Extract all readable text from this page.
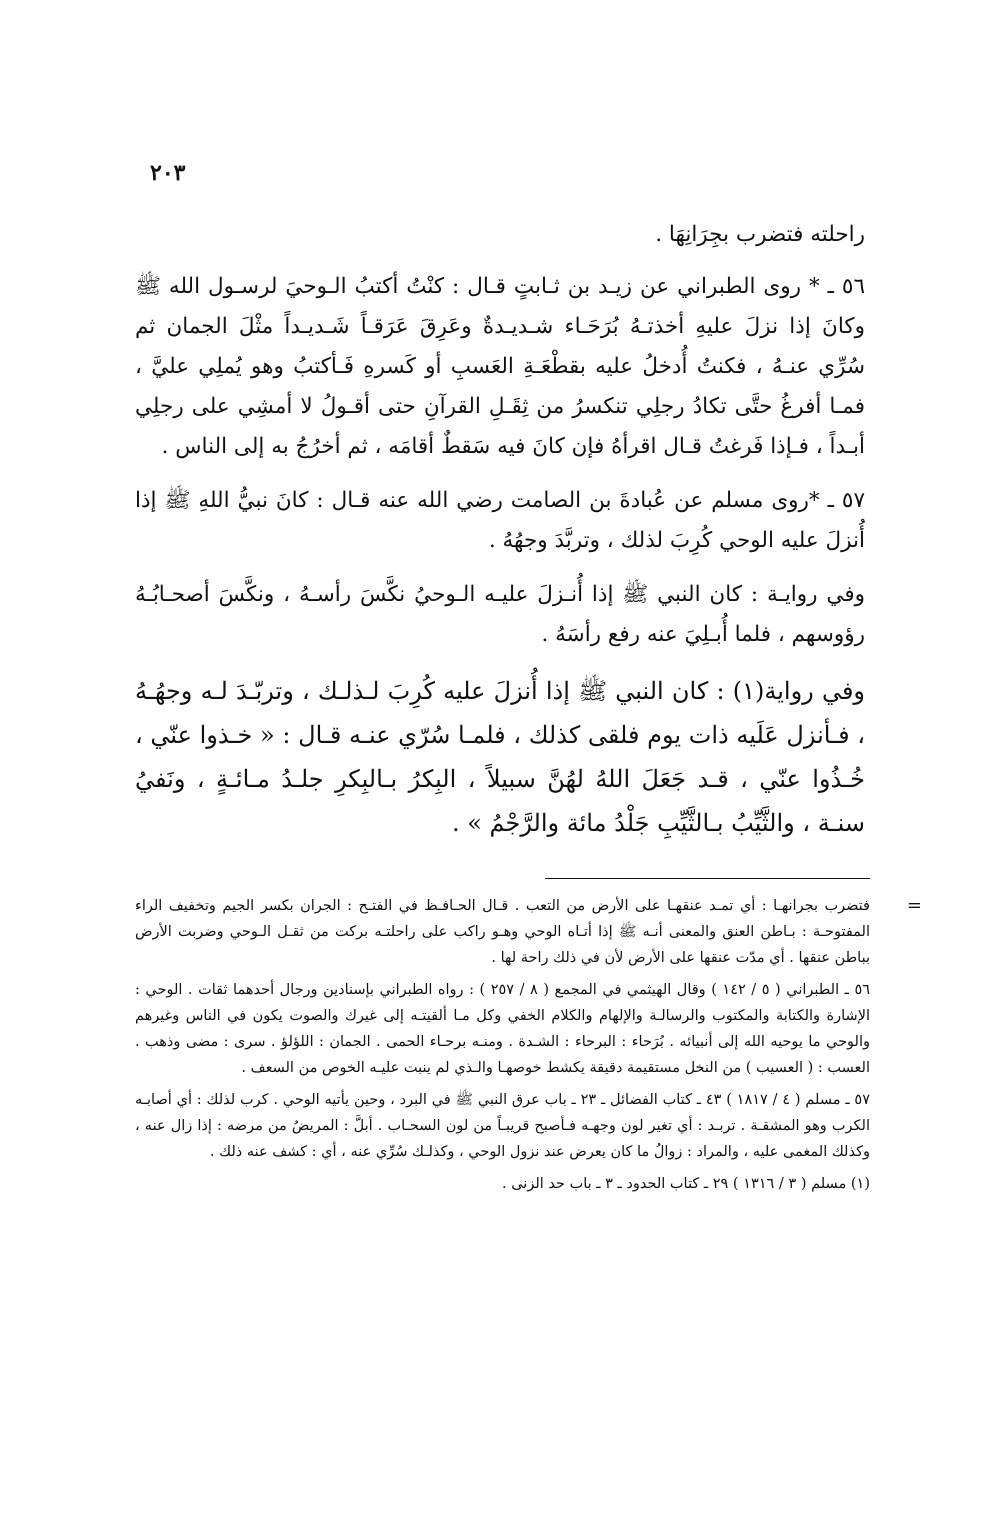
٢٠٣

راحلته فتضرب بجِرَانِهَا .

٥٦ ـ * روى الطبراني عن زيـد بن ثـابتٍ قـال : كنْتُ أكتبُ الـوحيَ لرسـول الله ﷺ وكانَ إذا نزلَ عليهِ أخذتـهُ بُرَحَـاء شـديـدةٌ وعَرِقَ عَرَقـاً شَـديـداً مثْلَ الجمان ثم سُرِّي عنـهُ ، فكنتُ أُدخلُ عليه بقطْعَـةِ العَسبِ أو كَسرهِ فَـأكتبُ وهو يُملِي عليَّ ، فمـا أفرغُ حتَّى تكادُ رجلِي تنكسرُ من ثِقَـلِ القرآنِ حتى أقـولُ لا أمشِي على رجلِي أبـداً ، فـإذا فَرغتُ قـال اقرأهُ فإن كانَ فيه سَقطٌ أقامَه ، ثم أخرُجُ به إلى الناس .

٥٧ ـ *روى مسلم عن عُبادةَ بن الصامت رضي الله عنه قـال : كانَ نبيُّ اللهِ ﷺ إذا أُنزلَ عليه الوحي كُرِبَ لذلك ، وتربَّدَ وجهُهُ .

وفي روايـة : كان النبي ﷺ إذا أُنـزلَ عليـه الـوحيُ نكَّسَ رأسـهُ ، ونكَّسَ أصحـابُـهُ رؤوسهم ، فلما أُبـلِيَ عنه رفع رأسَهُ .

وفي رواية(١) : كان النبي ﷺ إذا أُنزلَ عليه كُرِبَ لـذلـك ، وتربّـدَ لـه وجهُـهُ ، فـأنزل عَلَيه ذات يوم فلقى كذلك ، فلمـا سُرّي عنـه قـال : « خـذوا عنّي ، خُـذُوا عنّي ، قـد جَعَلَ اللهُ لهُنَّ سبيلاً ، البِكرُ بـالبِكرِ جلـدُ مـائـةٍ ، ونَفيُ سنـة ، والثَّيِّبُ بـالثَّيِّبِ جَلْدُ مائة والرَّجْمُ » .

=
فتضرب بجرانهـا : أي تمـد عنقهـا على الأرض من التعب . قـال الحـافـظ في الفتـح : الجران بكسر الجيم وتخفيف الراء المفتوحـة : بـاطن العنق والمعنى أنـه ﷺ إذا أتـاه الوحي وهـو راكب على راحلتـه بركت من ثقـل الـوحي وضربت الأرض بباطن عنقها . أي مدّت عنقها على الأرض لأن في ذلك راحة لها .

٥٦ ـ الطبراني ( ٥ / ١٤٢ ) وقال الهيثمي في المجمع ( ٨ / ٢٥٧ ) : رواه الطبراني بإسنادين ورجال أحدهما ثقات . الوحي : الإشارة والكتابة والمكتوب والرسالـة والإلهام والكلام الخفي وكل مـا ألقيتـه إلى غيرك والصوت يكون في الناس وغيرهم والوحي ما يوحيه الله إلى أنبيائه . بُرَحاء : البرحاء : الشـدة . ومنـه برحـاء الحمى . الجمان : اللؤلؤ . سرى : مضى وذهب . العسب : ( العسيب ) من النخل مستقيمة دقيقة يكشط خوصهـا والـذي لم ينبت عليـه الخوص من السعف .

٥٧ ـ مسلم ( ٤ / ١٨١٧ ) ٤٣ ـ كتاب الفضائل ـ ٢٣ ـ باب عرق النبي ﷺ في البرد ، وحين يأتيه الوحي . كرب لذلك : أي أصابـه الكرب وهو المشقـة . تربـد : أي تغير لون وجهـه فـأصبح قريبـاً من لون السحـاب . أبلَّ : المريضُ من مرضه : إذا زال عنه ، وكذلك المغمى عليه ، والمراد : زوالُ ما كان يعرض عند نزول الوحي ، وكذلـك سُرِّي عنه ، أي : كشف عنه ذلك .

(١) مسلم ( ٣ / ١٣١٦ ) ٢٩ ـ كتاب الحدود ـ ٣ ـ باب حد الزنى .
